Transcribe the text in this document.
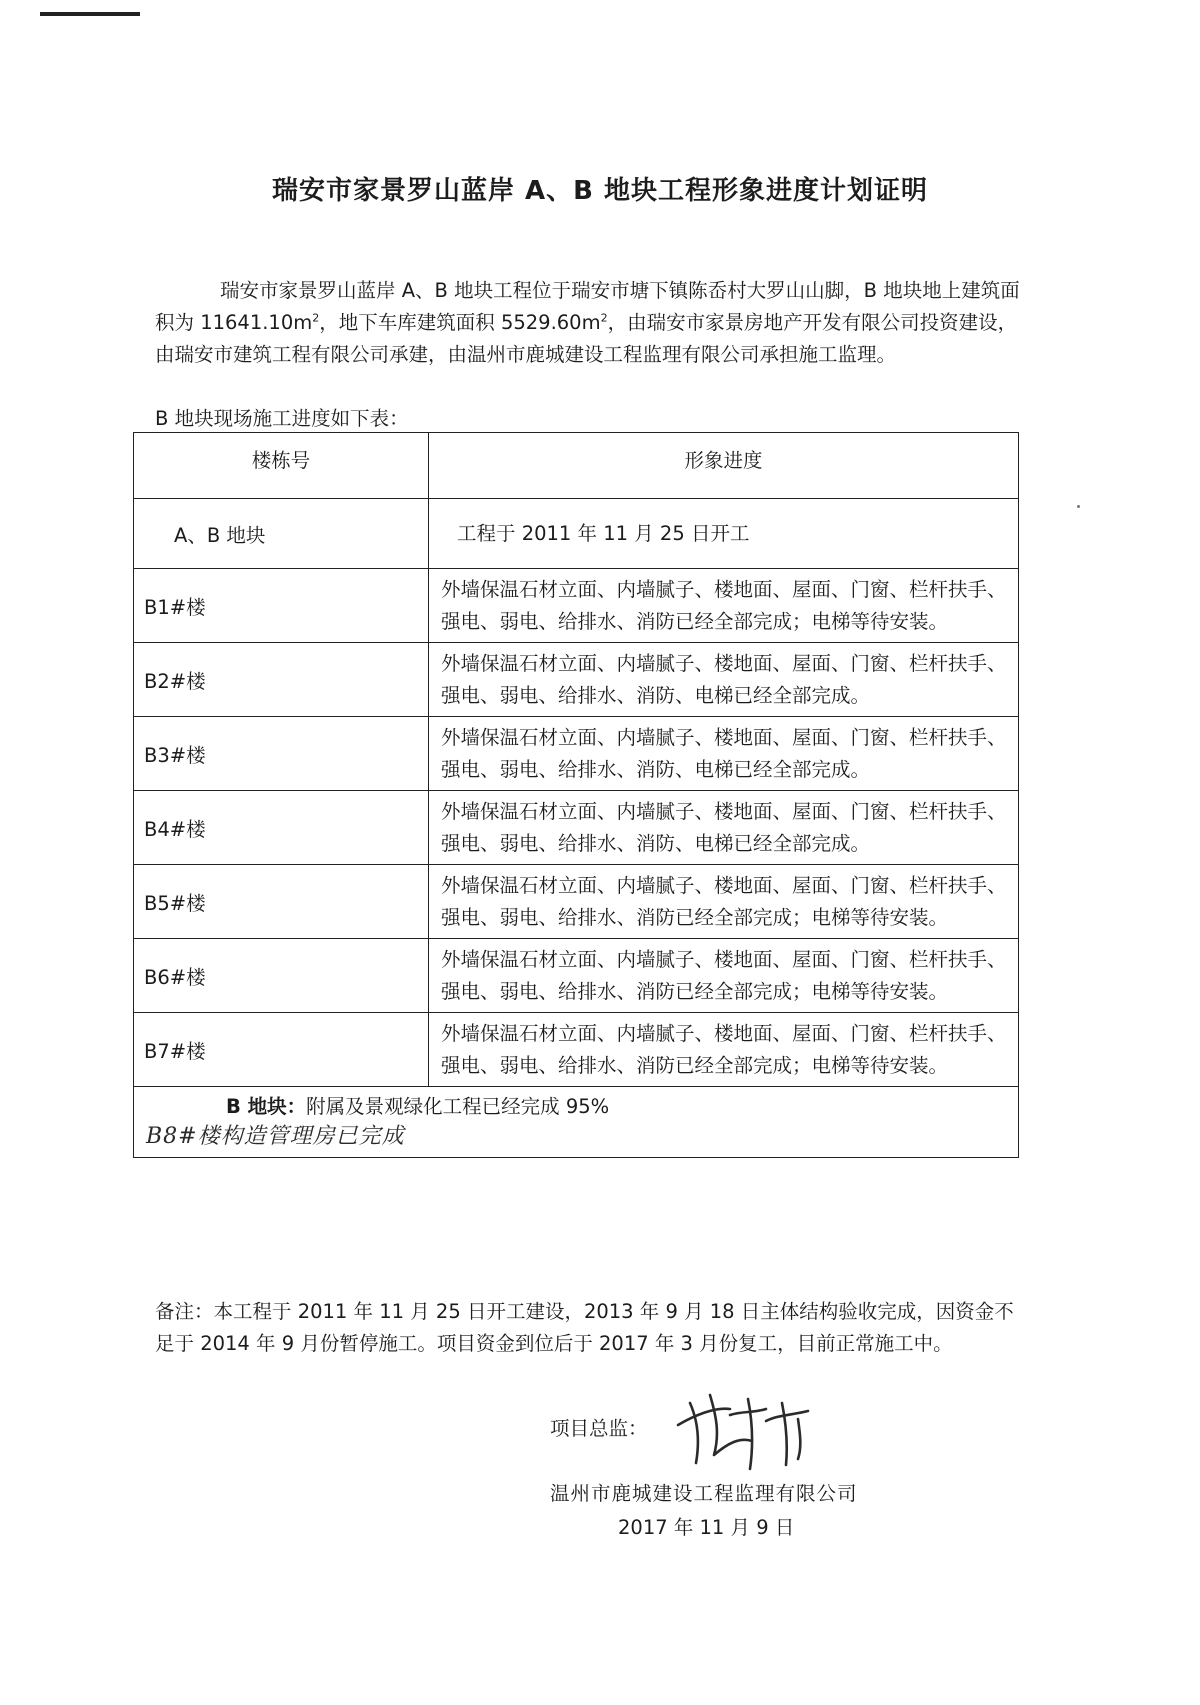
瑞安市家景罗山蓝岸 A、B 地块工程形象进度计划证明

瑞安市家景罗山蓝岸 A、B 地块工程位于瑞安市塘下镇陈岙村大罗山山脚，B 地块地上建筑面积为 $11641.10m^2$，地下车库建筑面积 $5529.60m^2$，由瑞安市家景房地产开发有限公司投资建设，由瑞安市建筑工程有限公司承建，由温州市鹿城建设工程监理有限公司承担施工监理。

B 地块现场施工进度如下表：

楼栋号	形象进度
A、B 地块	工程于 2011 年 11 月 25 日开工
B1#楼	外墙保温石材立面、内墙腻子、楼地面、屋面、门窗、栏杆扶手、强电、弱电、给排水、消防已经全部完成；电梯等待安装。
B2#楼	外墙保温石材立面、内墙腻子、楼地面、屋面、门窗、栏杆扶手、强电、弱电、给排水、消防、电梯已经全部完成。
B3#楼	外墙保温石材立面、内墙腻子、楼地面、屋面、门窗、栏杆扶手、强电、弱电、给排水、消防、电梯已经全部完成。
B4#楼	外墙保温石材立面、内墙腻子、楼地面、屋面、门窗、栏杆扶手、强电、弱电、给排水、消防、电梯已经全部完成。
B5#楼	外墙保温石材立面、内墙腻子、楼地面、屋面、门窗、栏杆扶手、强电、弱电、给排水、消防已经全部完成；电梯等待安装。
B6#楼	外墙保温石材立面、内墙腻子、楼地面、屋面、门窗、栏杆扶手、强电、弱电、给排水、消防已经全部完成；电梯等待安装。
B7#楼	外墙保温石材立面、内墙腻子、楼地面、屋面、门窗、栏杆扶手、强电、弱电、给排水、消防已经全部完成；电梯等待安装。

B 地块：附属及景观绿化工程已经完成 95%

B8#楼构造管理房已完成	

备注：本工程于 2011 年 11 月 25 日开工建设，2013 年 9 月 18 日主体结构验收完成，因资金不足于 2014 年 9 月份暂停施工。项目资金到位后于 2017 年 3 月份复工，目前正常施工中。

项目总监：
温州市鹿城建设工程监理有限公司
2017 年 11 月 9 日
